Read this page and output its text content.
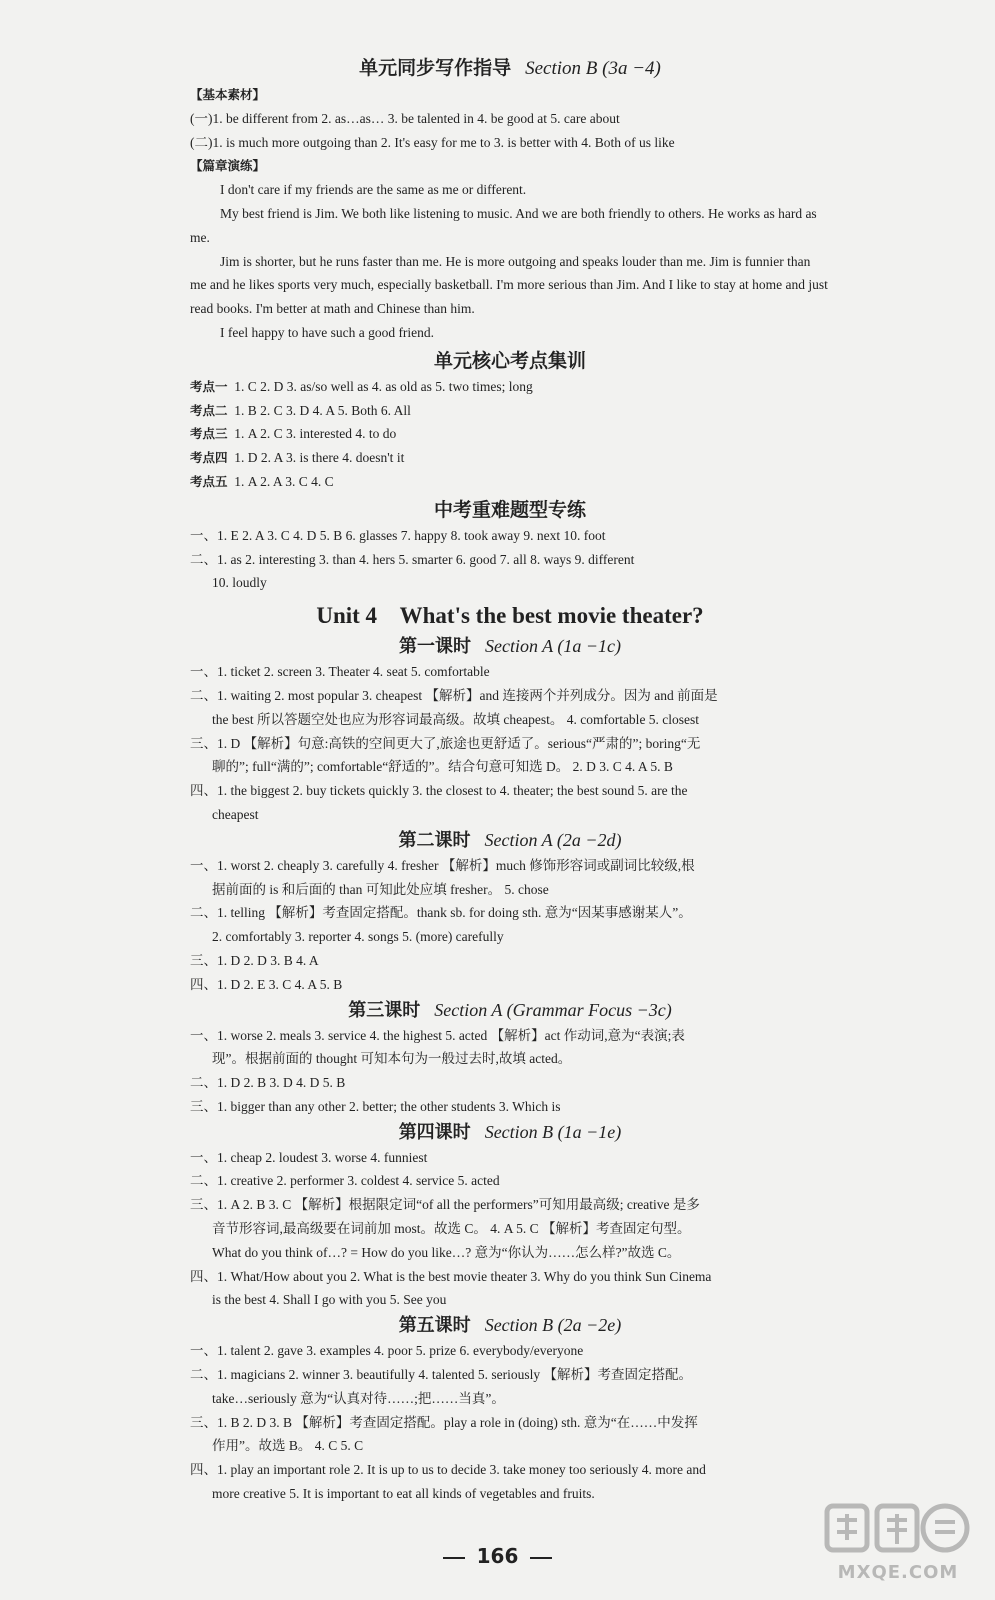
单元同步写作指导 Section B (3a −4)
【基本素材】
(一)1. be different from 2. as…as… 3. be talented in 4. be good at 5. care about
(二)1. is much more outgoing than 2. It's easy for me to 3. is better with 4. Both of us like
【篇章演练】
I don't care if my friends are the same as me or different.
My best friend is Jim. We both like listening to music. And we are both friendly to others. He works as hard as me.
Jim is shorter, but he runs faster than me. He is more outgoing and speaks louder than me. Jim is funnier than me and he likes sports very much, especially basketball. I'm more serious than Jim. And I like to stay at home and just read books. I'm better at math and Chinese than him.
I feel happy to have such a good friend.
单元核心考点集训
考点一 1. C 2. D 3. as/so well as 4. as old as 5. two times; long
考点二 1. B 2. C 3. D 4. A 5. Both 6. All
考点三 1. A 2. C 3. interested 4. to do
考点四 1. D 2. A 3. is there 4. doesn't it
考点五 1. A 2. A 3. C 4. C
中考重难题型专练
一、1. E 2. A 3. C 4. D 5. B 6. glasses 7. happy 8. took away 9. next 10. foot
二、1. as 2. interesting 3. than 4. hers 5. smarter 6. good 7. all 8. ways 9. different
10. loudly
Unit 4    What's the best movie theater?
第一课时 Section A (1a −1c)
一、1. ticket 2. screen 3. Theater 4. seat 5. comfortable
二、1. waiting 2. most popular 3. cheapest 【解析】and 连接两个并列成分。因为 and 前面是
the best 所以答题空处也应为形容词最高级。故填 cheapest。 4. comfortable 5. closest
三、1. D 【解析】句意:高铁的空间更大了,旅途也更舒适了。serious“严肃的”; boring“无
聊的”; full“满的”; comfortable“舒适的”。结合句意可知选 D。 2. D 3. C 4. A 5. B
四、1. the biggest 2. buy tickets quickly 3. the closest to 4. theater; the best sound 5. are the
cheapest
第二课时 Section A (2a −2d)
一、1. worst 2. cheaply 3. carefully 4. fresher 【解析】much 修饰形容词或副词比较级,根
据前面的 is 和后面的 than 可知此处应填 fresher。 5. chose
二、1. telling 【解析】考查固定搭配。thank sb. for doing sth. 意为“因某事感谢某人”。
2. comfortably 3. reporter 4. songs 5. (more) carefully
三、1. D 2. D 3. B 4. A
四、1. D 2. E 3. C 4. A 5. B
第三课时 Section A (Grammar Focus −3c)
一、1. worse 2. meals 3. service 4. the highest 5. acted 【解析】act 作动词,意为“表演;表
现”。根据前面的 thought 可知本句为一般过去时,故填 acted。
二、1. D 2. B 3. D 4. D 5. B
三、1. bigger than any other 2. better; the other students 3. Which is
第四课时 Section B (1a −1e)
一、1. cheap 2. loudest 3. worse 4. funniest
二、1. creative 2. performer 3. coldest 4. service 5. acted
三、1. A 2. B 3. C 【解析】根据限定词“of all the performers”可知用最高级; creative 是多
音节形容词,最高级要在词前加 most。故选 C。 4. A 5. C 【解析】考查固定句型。
What do you think of…? = How do you like…? 意为“你认为……怎么样?”故选 C。
四、1. What/How about you 2. What is the best movie theater 3. Why do you think Sun Cinema
is the best 4. Shall I go with you 5. See you
第五课时 Section B (2a −2e)
一、1. talent 2. gave 3. examples 4. poor 5. prize 6. everybody/everyone
二、1. magicians 2. winner 3. beautifully 4. talented 5. seriously 【解析】考查固定搭配。
take…seriously 意为“认真对待……;把……当真”。
三、1. B 2. D 3. B 【解析】考查固定搭配。play a role in (doing) sth. 意为“在……中发挥
作用”。故选 B。 4. C 5. C
四、1. play an important role 2. It is up to us to decide 3. take money too seriously 4. more and
more creative 5. It is important to eat all kinds of vegetables and fruits.
166
MXQE.COM
